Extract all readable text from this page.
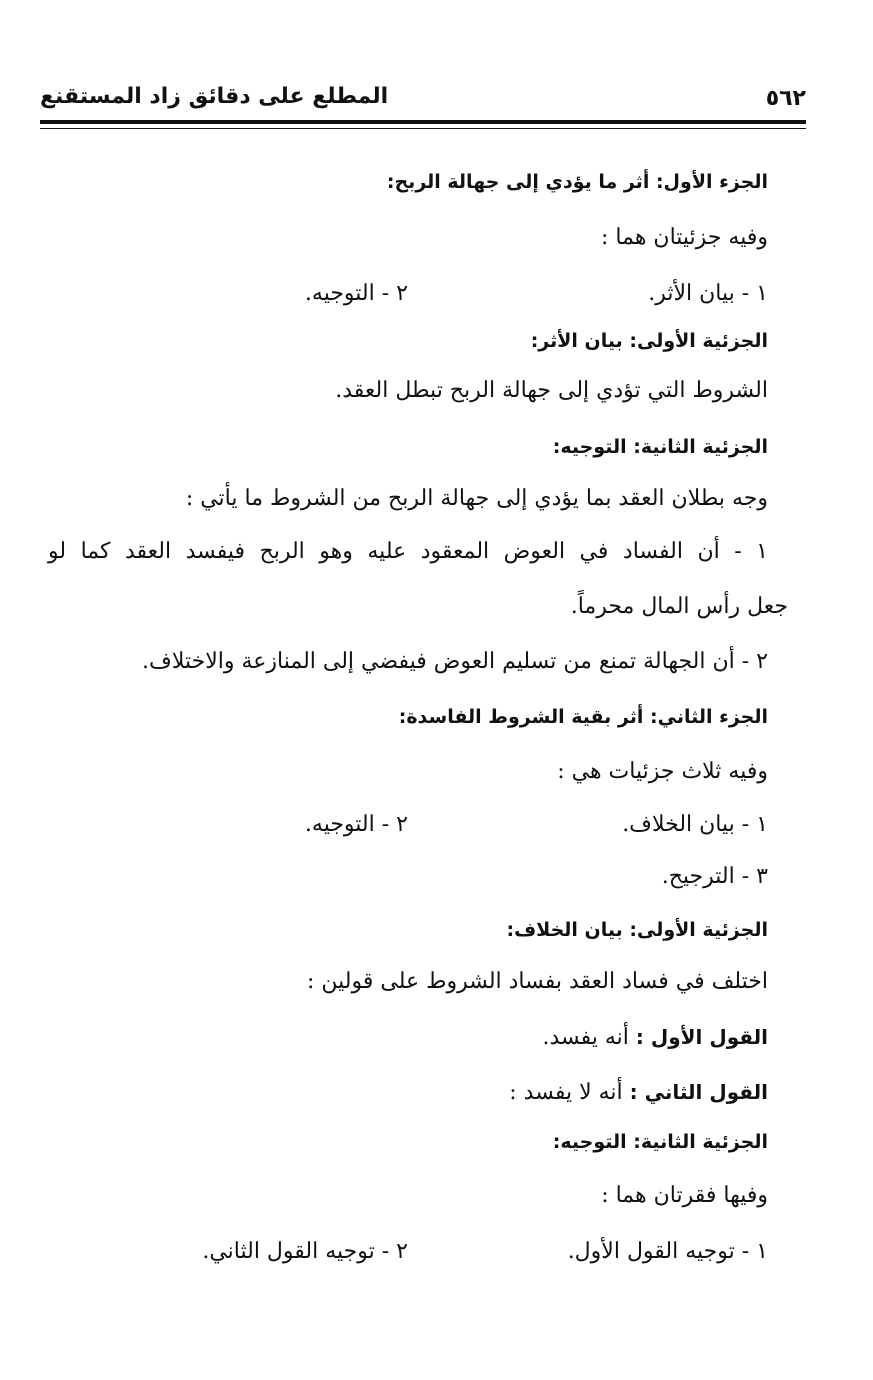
٥٦٢
المطلع على دقائق زاد المستقنع
الجزء الأول: أثر ما يؤدي إلى جهالة الربح:
وفيه جزئيتان هما :
١ - بيان الأثر.
٢ - التوجيه.
الجزئية الأولى: بيان الأثر:
الشروط التي تؤدي إلى جهالة الربح تبطل العقد.
الجزئية الثانية: التوجيه:
وجه بطلان العقد بما يؤدي إلى جهالة الربح من الشروط ما يأتي :
١ - أن الفساد في العوض المعقود عليه وهو الربح فيفسد العقد كما لو
جعل رأس المال محرماً.
٢ - أن الجهالة تمنع من تسليم العوض فيفضي إلى المنازعة والاختلاف.
الجزء الثاني: أثر بقية الشروط الفاسدة:
وفيه ثلاث جزئيات هي :
١ - بيان الخلاف.
٢ - التوجيه.
٣ - الترجيح.
الجزئية الأولى: بيان الخلاف:
اختلف في فساد العقد بفساد الشروط على قولين :
القول الأول : أنه يفسد.
القول الثاني : أنه لا يفسد :
الجزئية الثانية: التوجيه:
وفيها فقرتان هما :
١ - توجيه القول الأول.
٢ - توجيه القول الثاني.
